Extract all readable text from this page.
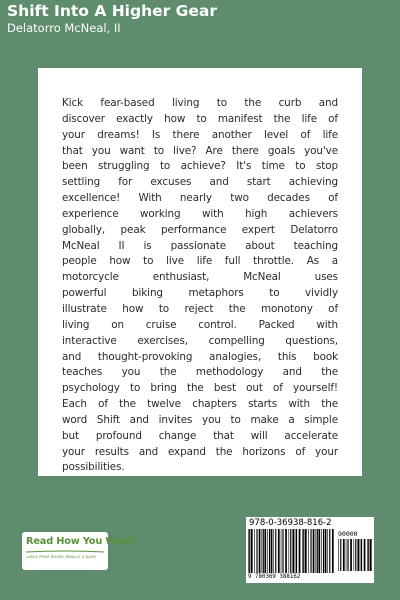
Shift Into A Higher Gear
Delatorro McNeal, II

Kick fear-based living to the curb and
discover exactly how to manifest the life of
your dreams! Is there another level of life
that you want to live? Are there goals you've
been struggling to achieve? It's time to stop
settling for excuses and start achieving
excellence! With nearly two decades of
experience working with high achievers
globally, peak performance expert Delatorro
McNeal II is passionate about teaching
people how to live life full throttle. As a
motorcycle enthusiast, McNeal uses
powerful biking metaphors to vividly
illustrate how to reject the monotony of
living on cruise control. Packed with
interactive exercises, compelling questions,
and thought-provoking analogies, this book
teaches you the methodology and the
psychology to bring the best out of yourself!
Each of the twelve chapters starts with the
word Shift and invites you to make a simple
but profound change that will accelerate
your results and expand the horizons of your
possibilities.

Read How You Want
LARGE PRINT BOOKS, BRAILLE & DAISY
978-0-36938-816-2
90000
9 780369 388162
